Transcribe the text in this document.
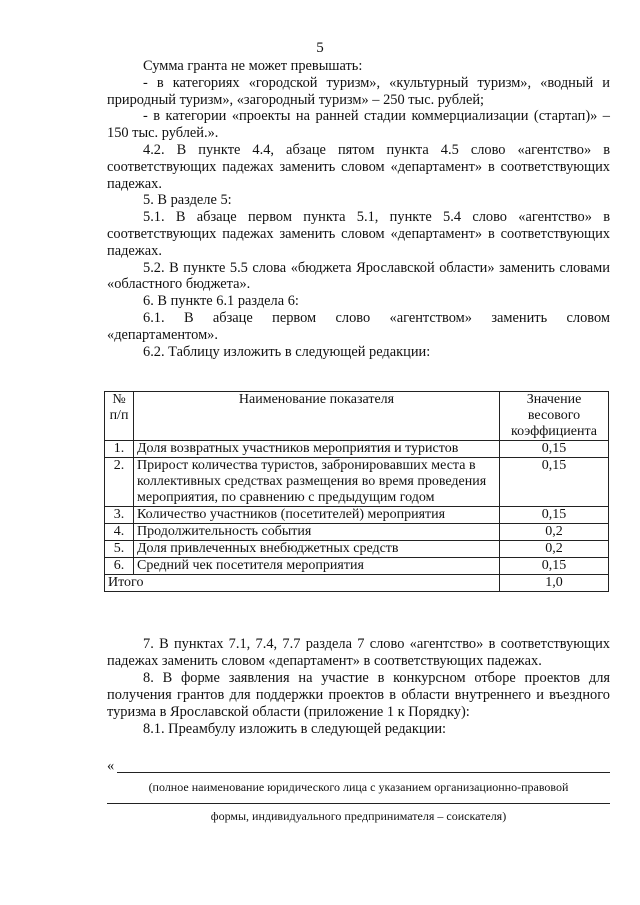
5

Сумма гранта не может превышать:

- в категориях «городской туризм», «культурный туризм», «водный и природный туризм», «загородный туризм» – 250 тыс. рублей;

- в категории «проекты на ранней стадии коммерциализации (стартап)» – 150 тыс. рублей.».

4.2. В пункте 4.4, абзаце пятом пункта 4.5 слово «агентство» в соответствующих падежах заменить словом «департамент» в соответствующих падежах.

5. В разделе 5:

5.1. В абзаце первом пункта 5.1, пункте 5.4 слово «агентство» в соответствующих падежах заменить словом «департамент» в соответствующих падежах.

5.2. В пункте 5.5 слова «бюджета Ярославской области» заменить словами «областного бюджета».

6. В пункте 6.1 раздела 6:

6.1. В абзаце первом слово «агентством» заменить словом «департаментом».

6.2. Таблицу изложить в следующей редакции:

№ п/п	Наименование показателя	Значение весового коэффициента
1.	Доля возвратных участников мероприятия и туристов	0,15
2.	Прирост количества туристов, забронировавших места в коллективных средствах размещения во время проведения мероприятия, по сравнению с предыдущим годом	0,15
3.	Количество участников (посетителей) мероприятия	0,15
4.	Продолжительность события	0,2
5.	Доля привлеченных внебюджетных средств	0,2
6.	Средний чек посетителя мероприятия	0,15
Итого		1,0

7. В пунктах 7.1, 7.4, 7.7 раздела 7 слово «агентство» в соответствующих падежах заменить словом «департамент» в соответствующих падежах.

8. В форме заявления на участие в конкурсном отборе проектов для получения грантов для поддержки проектов в области внутреннего и въездного туризма в Ярославской области (приложение 1 к Порядку):

8.1. Преамбулу изложить в следующей редакции:

«
(полное наименование юридического лица с указанием организационно-правовой
формы, индивидуального предпринимателя – соискателя)
